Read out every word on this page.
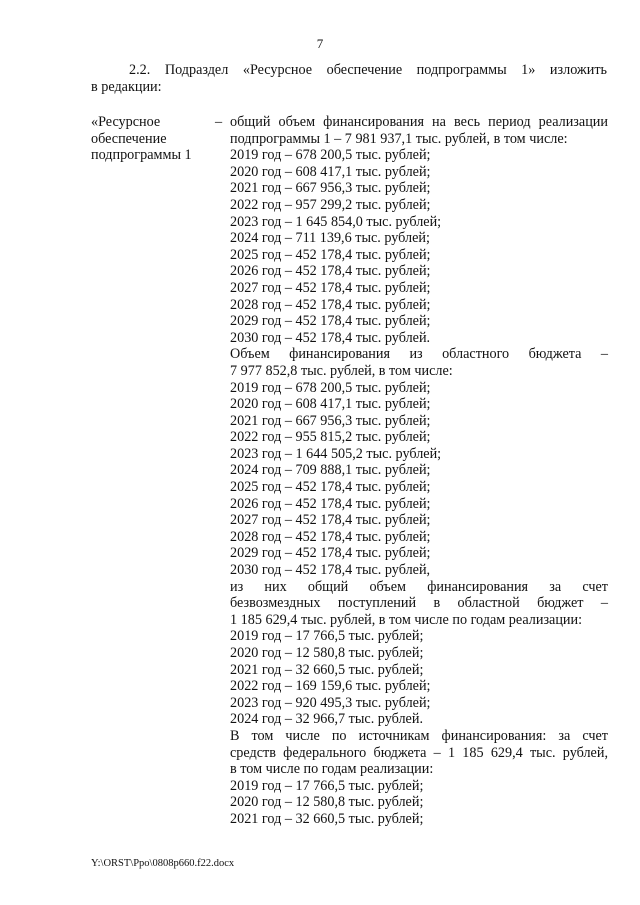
7
2.2. Подраздел «Ресурсное обеспечение подпрограммы 1» изложить
в редакции:
«Ресурсное
обеспечение
подпрограммы 1
– общий объем финансирования на весь период реализации
подпрограммы 1 – 7 981 937,1 тыс. рублей, в том числе:
2019 год – 678 200,5 тыс. рублей;
2020 год – 608 417,1 тыс. рублей;
2021 год – 667 956,3 тыс. рублей;
2022 год – 957 299,2 тыс. рублей;
2023 год – 1 645 854,0 тыс. рублей;
2024 год – 711 139,6 тыс. рублей;
2025 год – 452 178,4 тыс. рублей;
2026 год – 452 178,4 тыс. рублей;
2027 год – 452 178,4 тыс. рублей;
2028 год – 452 178,4 тыс. рублей;
2029 год – 452 178,4 тыс. рублей;
2030 год – 452 178,4 тыс. рублей.
Объем финансирования из областного бюджета –
7 977 852,8 тыс. рублей, в том числе:
2019 год – 678 200,5 тыс. рублей;
2020 год – 608 417,1 тыс. рублей;
2021 год – 667 956,3 тыс. рублей;
2022 год – 955 815,2 тыс. рублей;
2023 год – 1 644 505,2 тыс. рублей;
2024 год – 709 888,1 тыс. рублей;
2025 год – 452 178,4 тыс. рублей;
2026 год – 452 178,4 тыс. рублей;
2027 год – 452 178,4 тыс. рублей;
2028 год – 452 178,4 тыс. рублей;
2029 год – 452 178,4 тыс. рублей;
2030 год – 452 178,4 тыс. рублей,
из них общий объем финансирования за счет
безвозмездных поступлений в областной бюджет –
1 185 629,4 тыс. рублей, в том числе по годам реализации:
2019 год – 17 766,5 тыс. рублей;
2020 год – 12 580,8 тыс. рублей;
2021 год – 32 660,5 тыс. рублей;
2022 год – 169 159,6 тыс. рублей;
2023 год – 920 495,3 тыс. рублей;
2024 год – 32 966,7 тыс. рублей.
В том числе по источникам финансирования: за счет
средств федерального бюджета – 1 185 629,4 тыс. рублей,
в том числе по годам реализации:
2019 год – 17 766,5 тыс. рублей;
2020 год – 12 580,8 тыс. рублей;
2021 год – 32 660,5 тыс. рублей;
Y:\ORST\Ppo\0808p660.f22.docx
